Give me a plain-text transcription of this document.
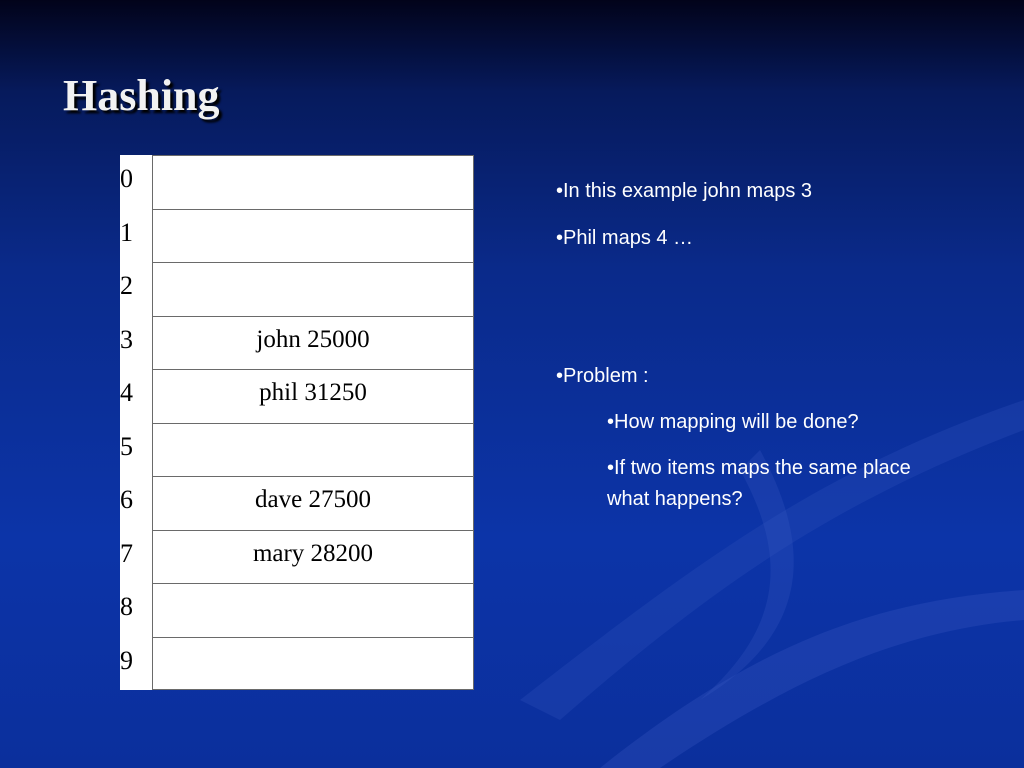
Hashing
0
1
2
3	john 25000
4	phil 31250
5
6	dave 27500
7	mary 28200
8
9
•In this example john maps 3
•Phil maps 4 …
•Problem :
•How mapping will be done?
•If two items maps the same place what happens?
